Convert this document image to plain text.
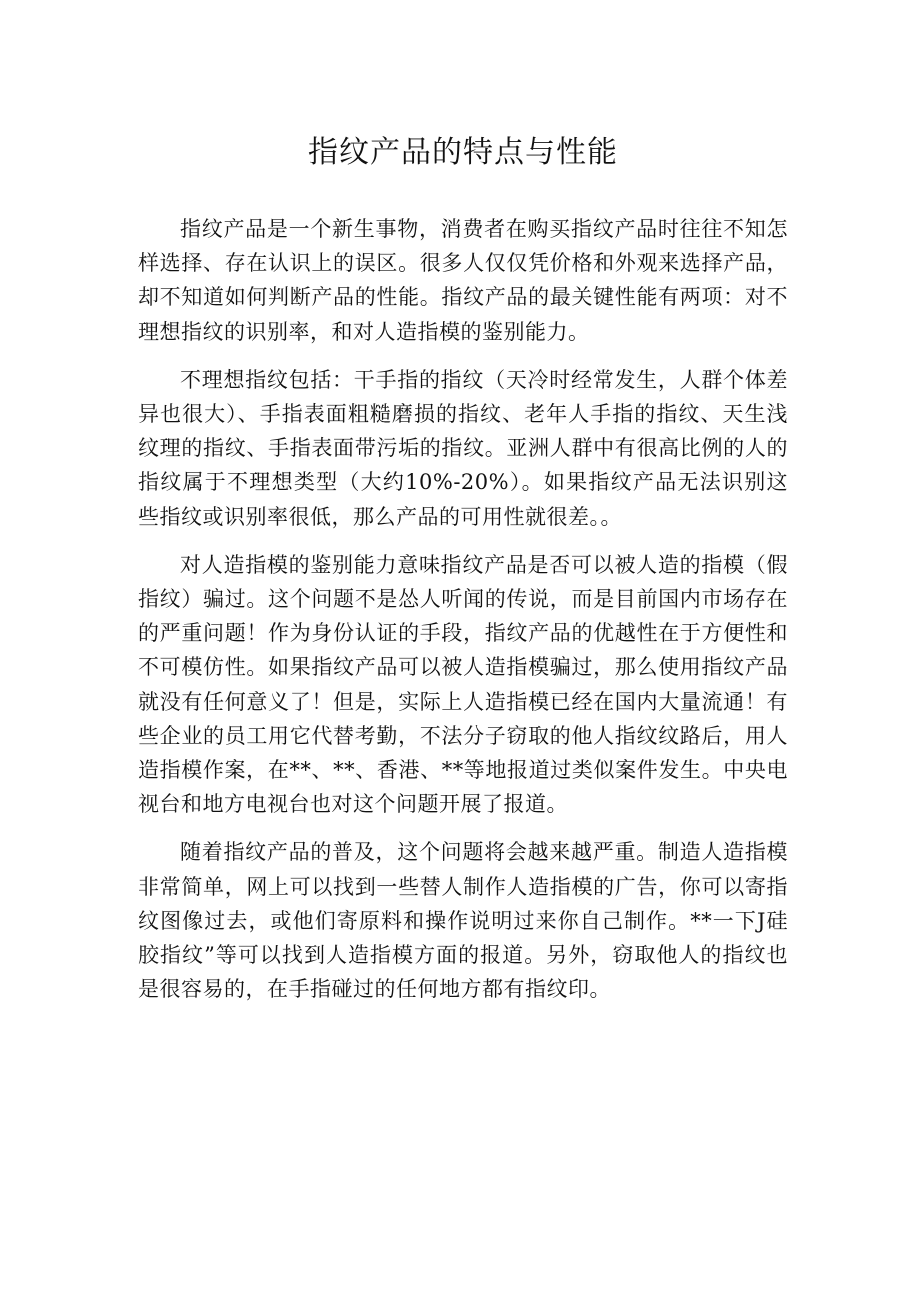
指纹产品的特点与性能

指纹产品是一个新生事物，消费者在购买指纹产品时往往不知怎样选择、存在认识上的误区。很多人仅仅凭价格和外观来选择产品，却不知道如何判断产品的性能。指纹产品的最关键性能有两项：对不理想指纹的识别率，和对人造指模的鉴别能力。

不理想指纹包括：干手指的指纹（天冷时经常发生，人群个体差异也很大）、手指表面粗糙磨损的指纹、老年人手指的指纹、天生浅纹理的指纹、手指表面带污垢的指纹。亚洲人群中有很高比例的人的指纹属于不理想类型（大约10%-20%）。如果指纹产品无法识别这些指纹或识别率很低，那么产品的可用性就很差。。

对人造指模的鉴别能力意味指纹产品是否可以被人造的指模（假指纹）骗过。这个问题不是怂人听闻的传说，而是目前国内市场存在的严重问题！作为身份认证的手段，指纹产品的优越性在于方便性和不可模仿性。如果指纹产品可以被人造指模骗过，那么使用指纹产品就没有任何意义了！但是，实际上人造指模已经在国内大量流通！有些企业的员工用它代替考勤，不法分子窃取的他人指纹纹路后，用人造指模作案，在**、**、香港、**等地报道过类似案件发生。中央电视台和地方电视台也对这个问题开展了报道。

随着指纹产品的普及，这个问题将会越来越严重。制造人造指模非常简单，网上可以找到一些替人制作人造指模的广告，你可以寄指纹图像过去，或他们寄原料和操作说明过来你自己制作。**一下J硅胶指纹”等可以找到人造指模方面的报道。另外，窃取他人的指纹也是很容易的，在手指碰过的任何地方都有指纹印。
